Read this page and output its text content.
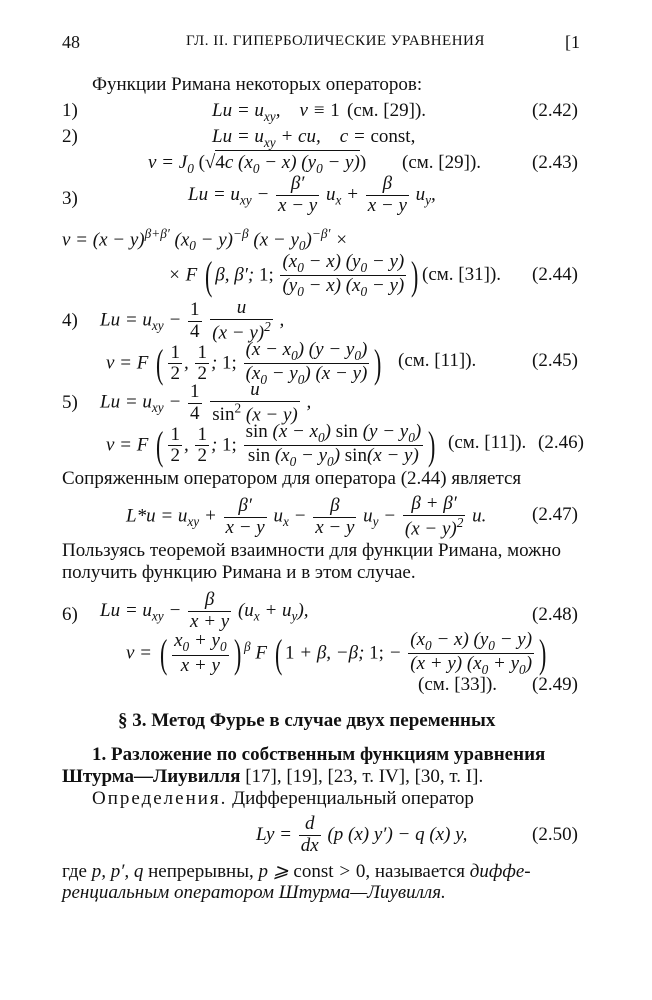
48	ГЛ. II. ГИПЕРБОЛИЧЕСКИЕ УРАВНЕНИЯ	[1
Функции Римана некоторых операторов:
1)	$Lu = u_{xy}$,    v ≡ 1 (см. [29]).	(2.42)
2)	$Lu = u_{xy}$ + cu,    c = const,
$v = J_0$ (√4c $(x_0 - x) (y_0 - y)$) (см. [29]).	(2.43)
3)	$Lu = u_{xy} - \frac{\beta'}{x - y} u_x + \frac{\beta}{x - y} u_y$,
$v = (x - y)^{\beta+\beta'}$ $(x_0 - y)^{-\beta}$ $(x - y_0)^{-\beta'}$ ×
× F ( β, β′; 1; $\frac{(x_0 - x) (y_0 - y)}{(y_0 - x) (x_0 - y)}$ ) (см. [31]). (2.44)
4) $Lu = u_{xy} - \frac{1}{4}$
$\frac{u}{(x - y)^2}$ ,
v = F ( $\frac{1}{2}$ , $\frac{1}{2}$ ; 1; $\frac{(x - x_0) (y - y_0)}{(x_0 - y_0) (x - y)}$ ) (см. [11]).	(2.45)
5) $Lu = u_{xy} - \frac{1}{4}$
$\frac{u}{\sin^2 (x - y)}$ ,
v = F ( $\frac{1}{2}$ , $\frac{1}{2}$ ; 1; $\frac{\sin (x - x_0) \sin (y - y_0)}{\sin (x_0 - y_0) \sin(x - y)}$ ) (см. [11]). (2.46)
Сопряженным оператором для оператора (2.44) является
$L*u = u_{xy} + \frac{\beta'}{x - y} u_x - \frac{\beta}{x - y} u_y - \frac{\beta + \beta'}{(x - y)^2} u$. (2.47)
Пользуясь теоремой взаимности для функции Римана, можно
получить функцию Римана и в этом случае.
6) $Lu = u_{xy} - \frac{\beta}{x + y} (u_x + u_y)$,	(2.48)
v = ( $\frac{x_0 + y_0}{x + y}$ ) $^\beta$ F ( 1 + β, −β; 1; − $\frac{(x_0 - x) (y_0 - y)}{(x + y) (x_0 + y_0)}$ )
(см. [33]). (2.49)
§ 3. Метод Фурье в случае двух переменных
1. Разложение по собственным функциям уравнения
Штурма—Лиувилля [17], [19], [23, т. IV], [30, т. I].
Определения. Дифференциальный оператор
$Ly = \frac{d}{dx} (p$ (x) y′) − q (x) y,	(2.50)
где p, p′, q непрерывны, p ⩾ const > 0, называется диффе-
ренциальным оператором Штурма—Лиувилля.
